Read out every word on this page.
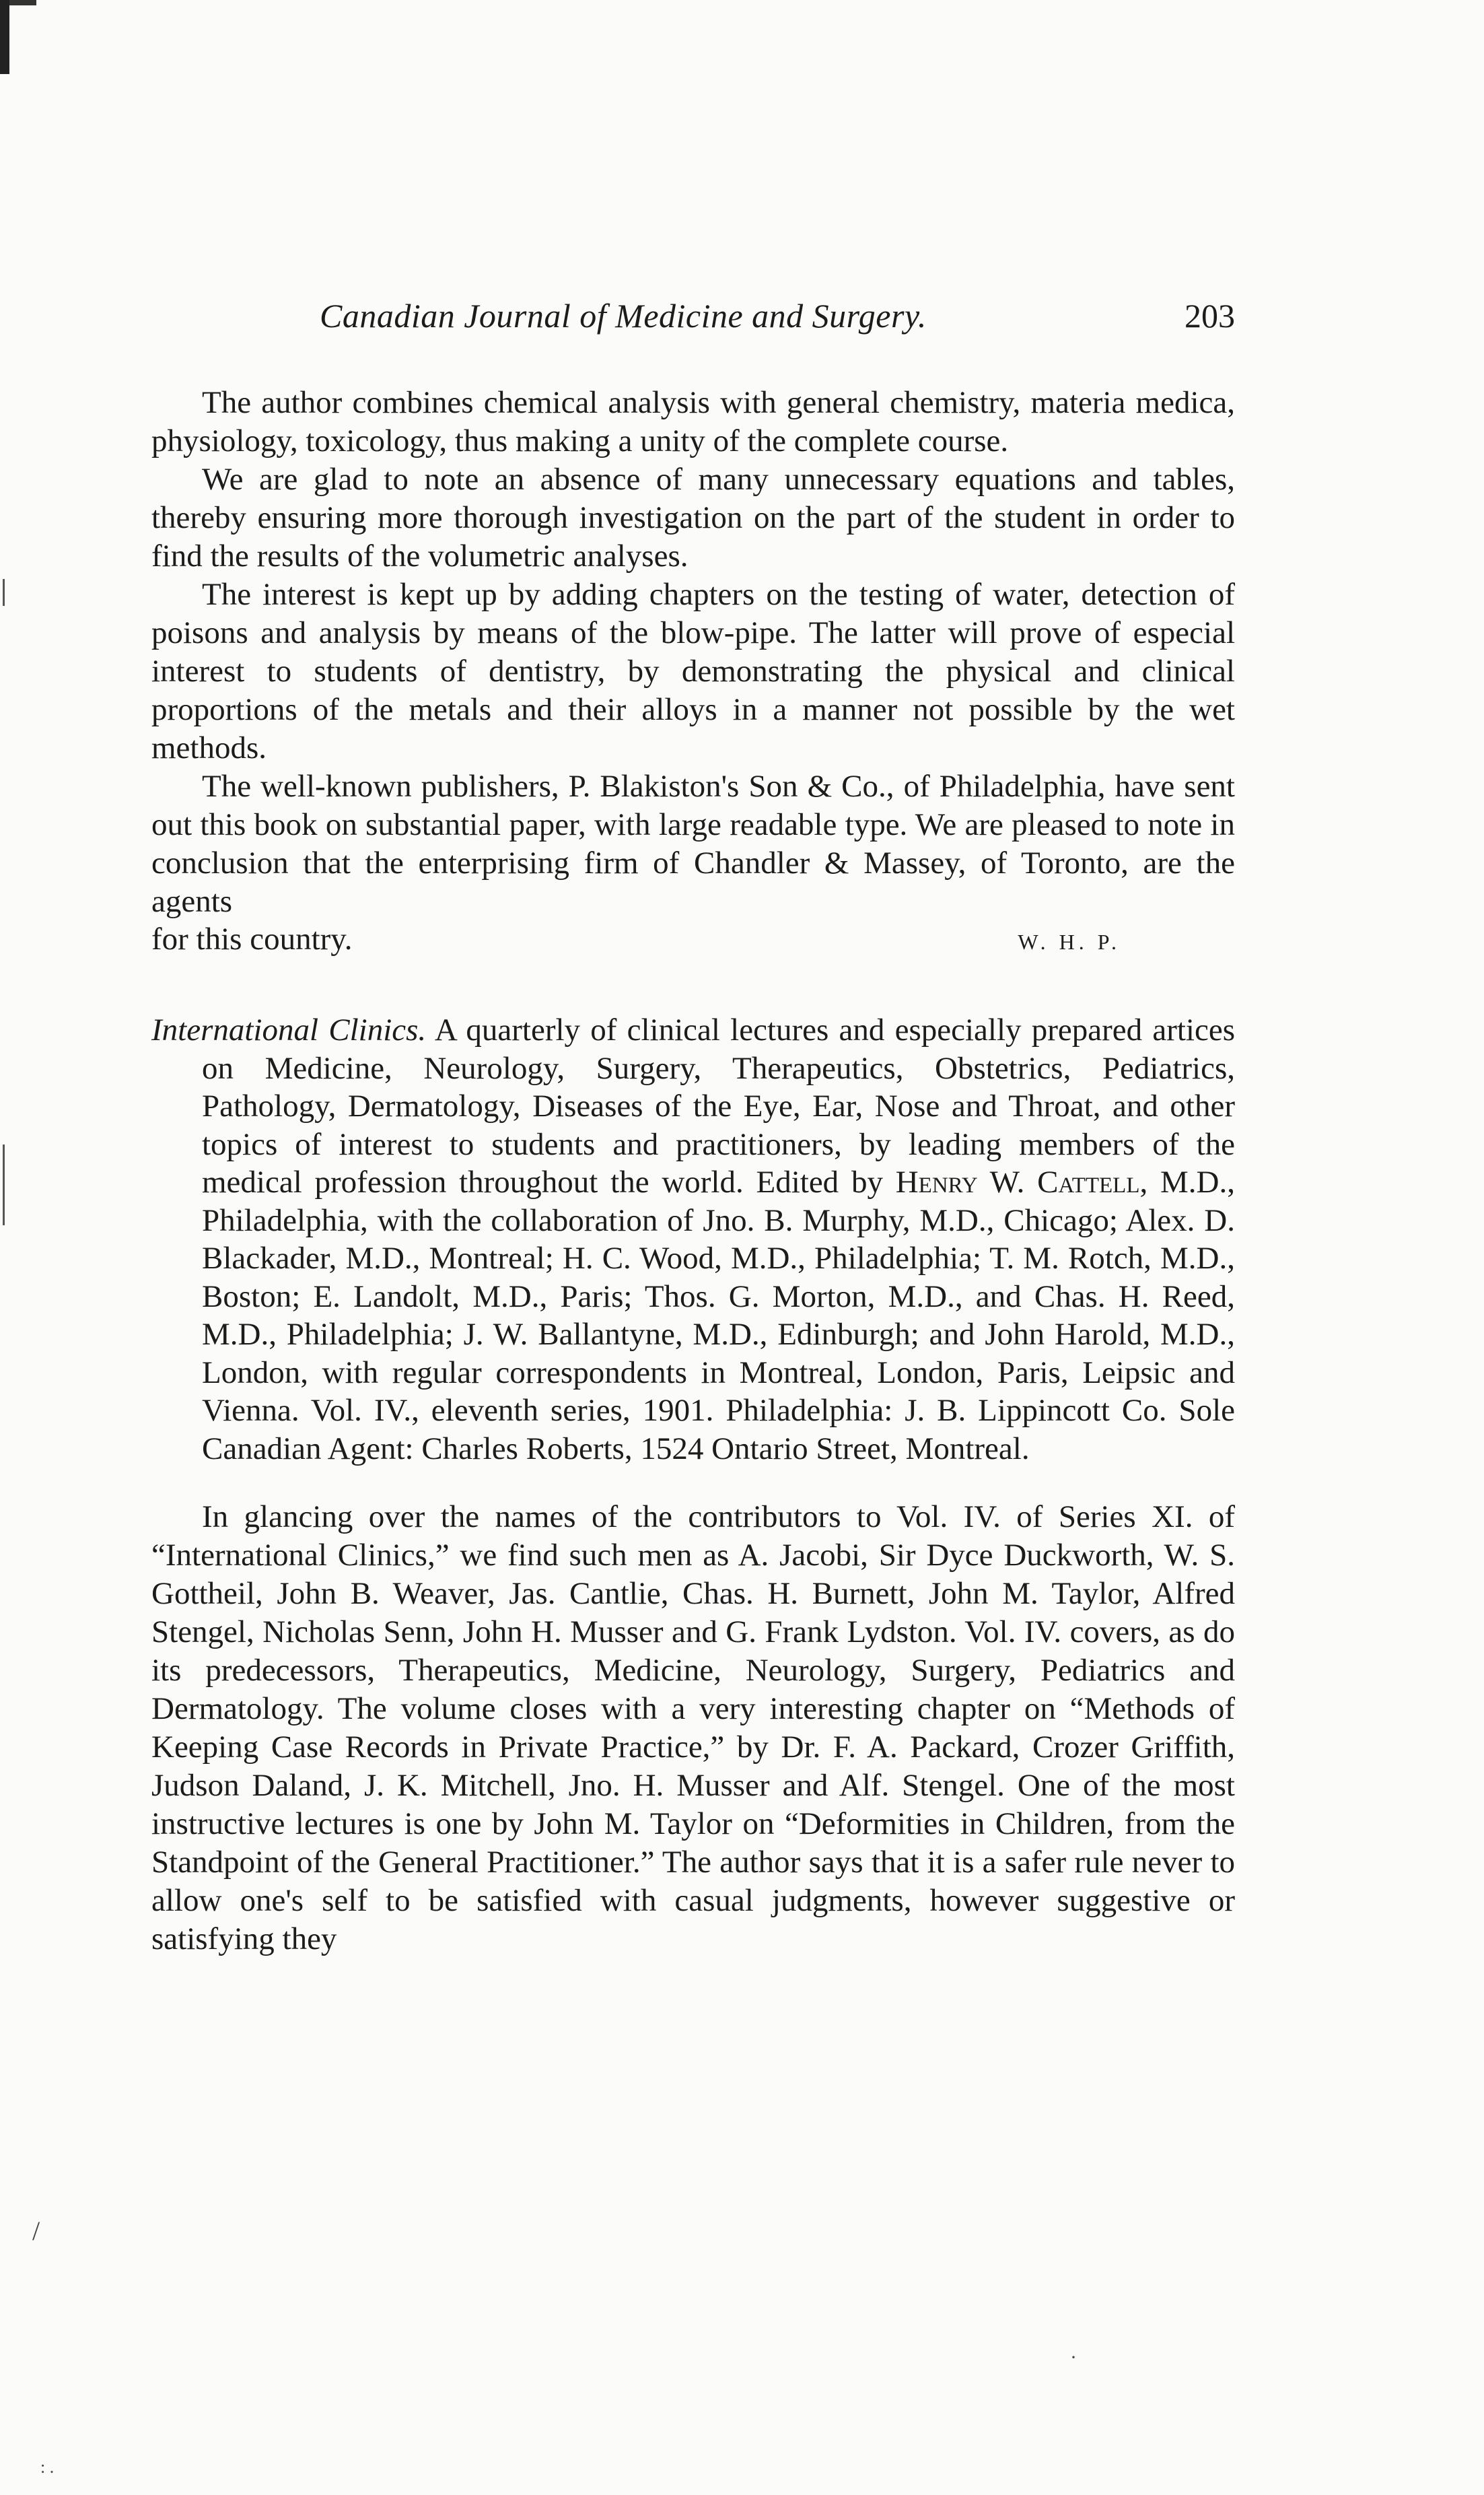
Canadian Journal of Medicine and Surgery.	203

The author combines chemical analysis with general chemistry, materia medica, physiology, toxicology, thus making a unity of the complete course.

We are glad to note an absence of many unnecessary equations and tables, thereby ensuring more thorough investigation on the part of the student in order to find the results of the volumetric analyses.

The interest is kept up by adding chapters on the testing of water, detection of poisons and analysis by means of the blow-pipe. The latter will prove of especial interest to students of dentistry, by demonstrating the physical and clinical proportions of the metals and their alloys in a manner not possible by the wet methods.

The well-known publishers, P. Blakiston's Son & Co., of Philadelphia, have sent out this book on substantial paper, with large readable type. We are pleased to note in conclusion that the enterprising firm of Chandler & Massey, of Toronto, are the agents

for this country.	W. H. P.

International Clinics. A quarterly of clinical lectures and especially prepared artices on Medicine, Neurology, Surgery, Therapeutics, Obstetrics, Pediatrics, Pathology, Dermatology, Diseases of the Eye, Ear, Nose and Throat, and other topics of interest to students and practitioners, by leading members of the medical profession throughout the world. Edited by Henry W. Cattell, M.D., Philadelphia, with the collaboration of Jno. B. Murphy, M.D., Chicago; Alex. D. Blackader, M.D., Montreal; H. C. Wood, M.D., Philadelphia; T. M. Rotch, M.D., Boston; E. Landolt, M.D., Paris; Thos. G. Morton, M.D., and Chas. H. Reed, M.D., Philadelphia; J. W. Ballantyne, M.D., Edinburgh; and John Harold, M.D., London, with regular correspondents in Montreal, London, Paris, Leipsic and Vienna. Vol. IV., eleventh series, 1901. Philadelphia: J. B. Lippincott Co. Sole Canadian Agent: Charles Roberts, 1524 Ontario Street, Montreal.

In glancing over the names of the contributors to Vol. IV. of Series XI. of “International Clinics,” we find such men as A. Jacobi, Sir Dyce Duckworth, W. S. Gottheil, John B. Weaver, Jas. Cantlie, Chas. H. Burnett, John M. Taylor, Alfred Stengel, Nicholas Senn, John H. Musser and G. Frank Lydston. Vol. IV. covers, as do its predecessors, Therapeutics, Medicine, Neurology, Surgery, Pediatrics and Dermatology. The volume closes with a very interesting chapter on “Methods of Keeping Case Records in Private Practice,” by Dr. F. A. Packard, Crozer Griffith, Judson Daland, J. K. Mitchell, Jno. H. Musser and Alf. Stengel. One of the most instructive lectures is one by John M. Taylor on “Deformities in Children, from the Standpoint of the General Practitioner.” The author says that it is a safer rule never to allow one's self to be satisfied with casual judgments, however suggestive or satisfying they

/
·
: .
